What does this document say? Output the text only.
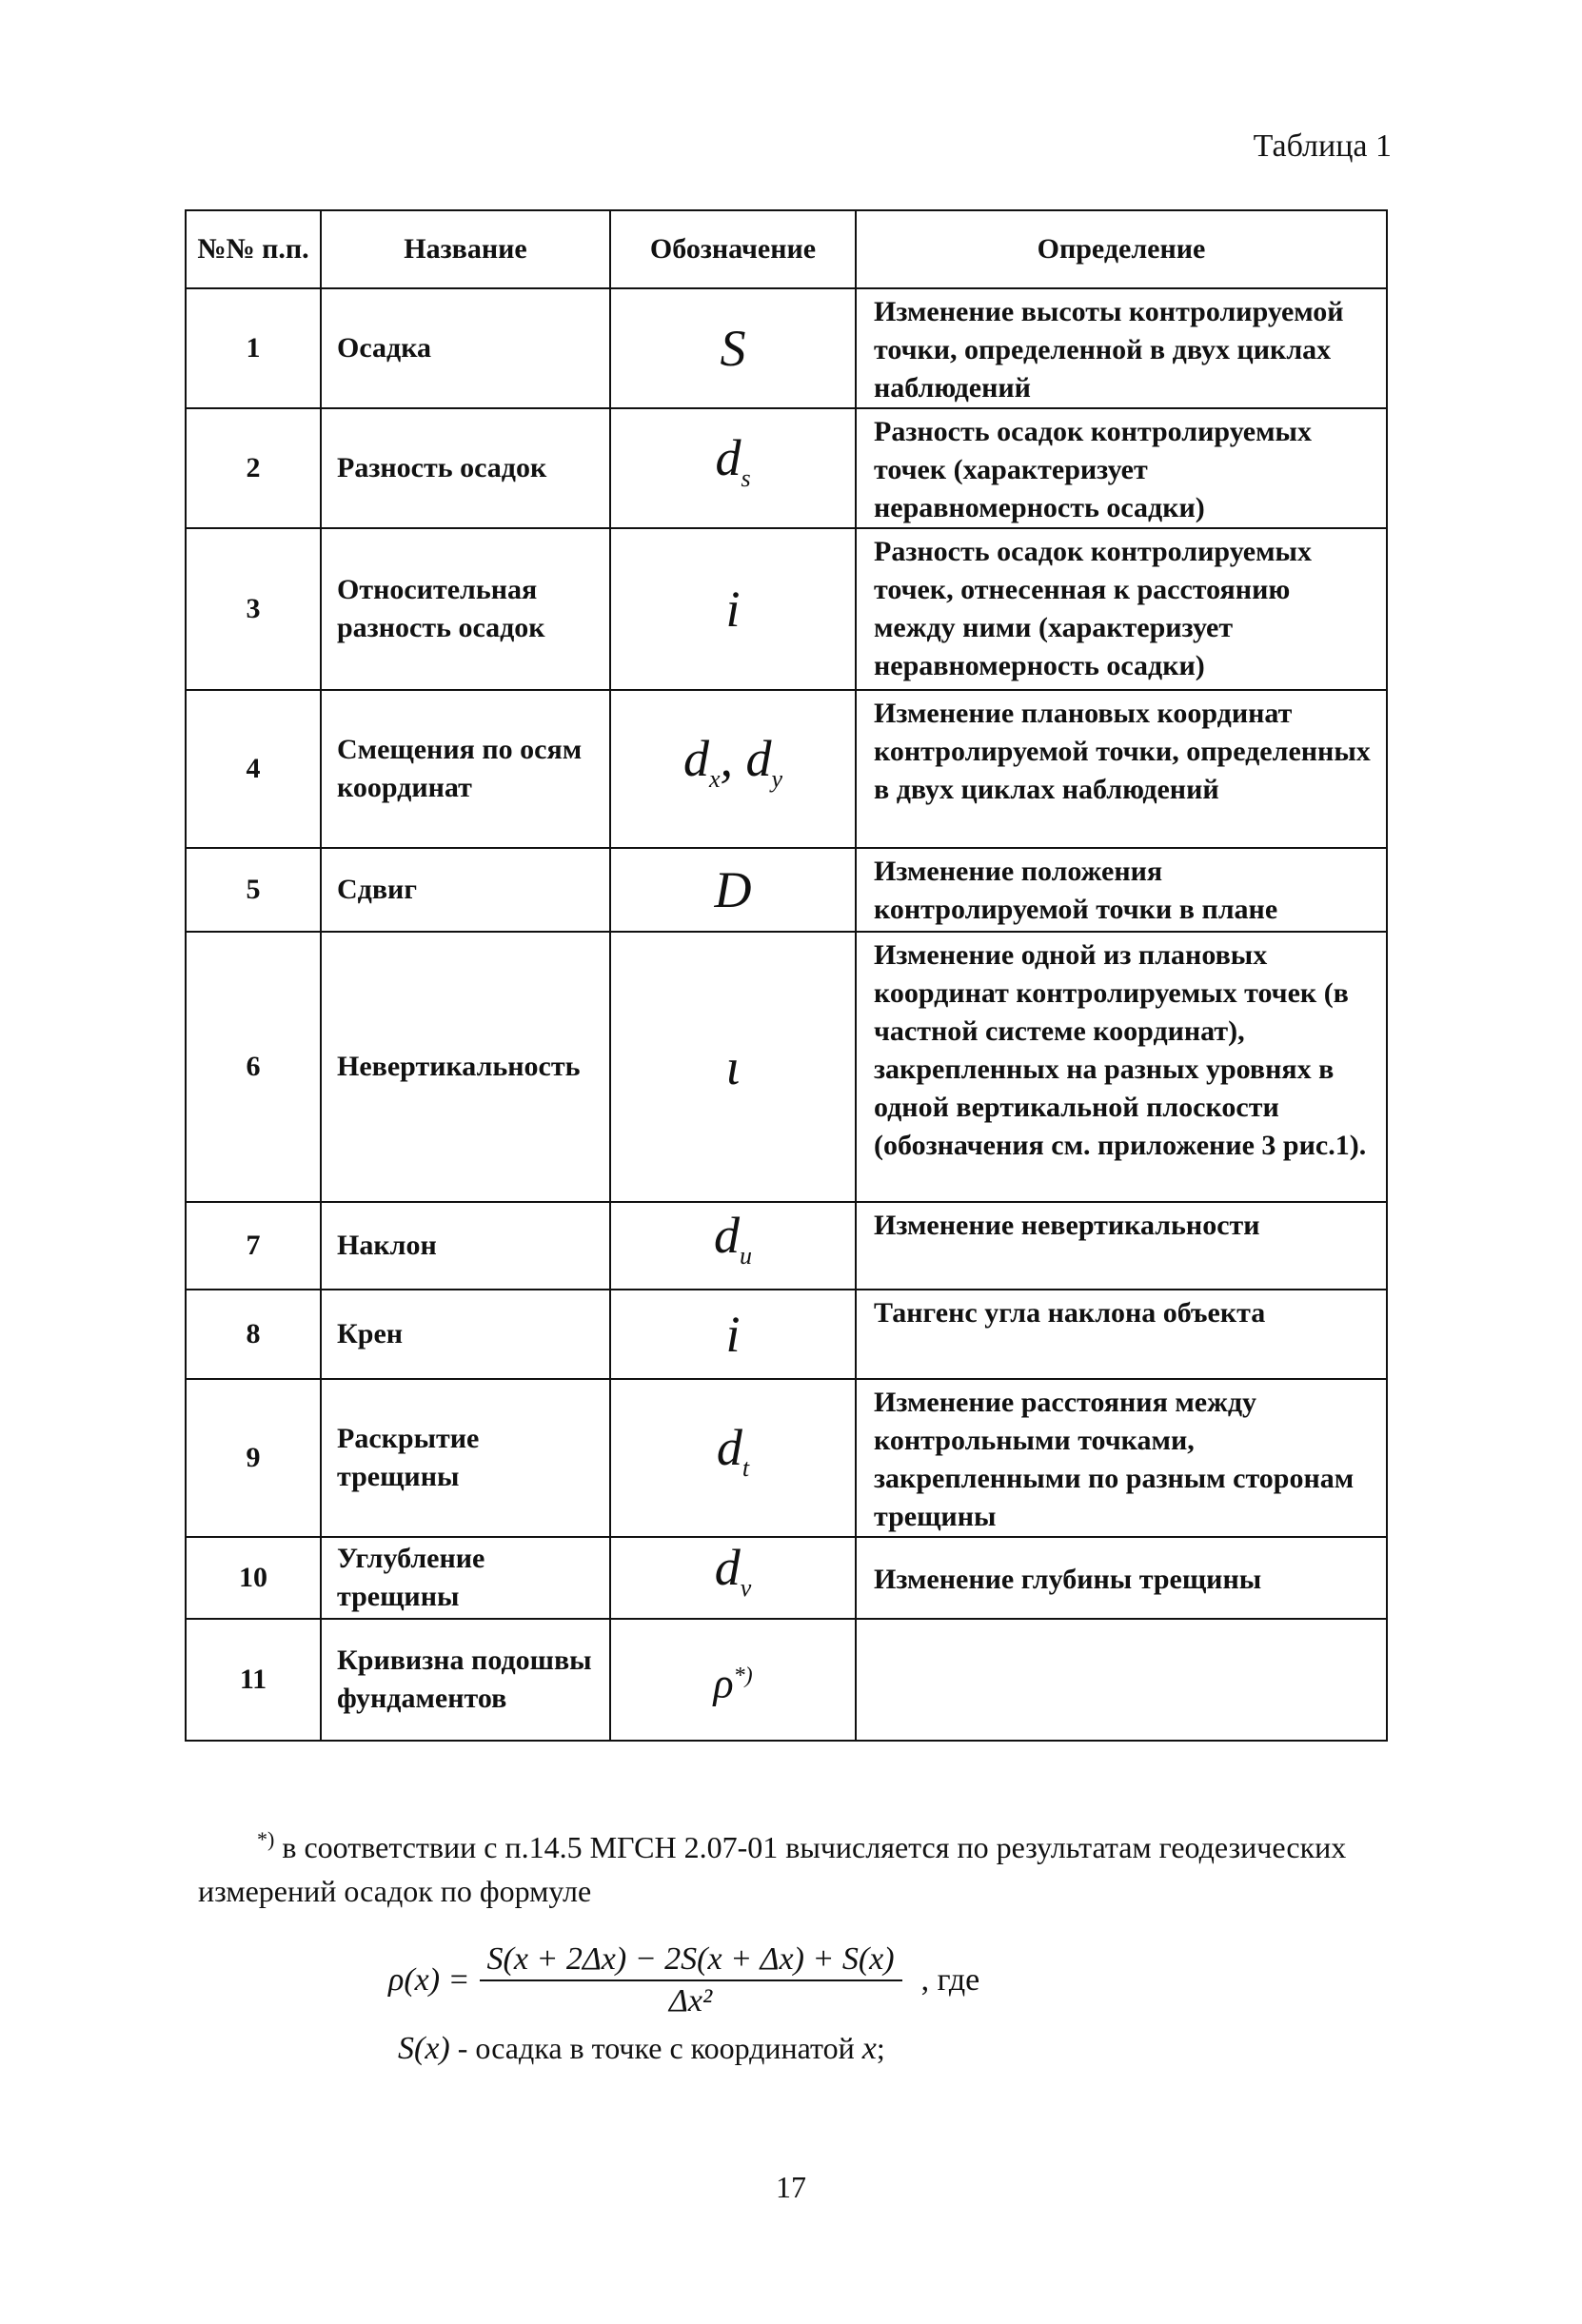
Таблица 1
№№ п.п.	Название	Обозначение	Определение
1	Осадка	S	Изменение высоты контролируемой точки, определенной в двух циклах наблюдений
2	Разность осадок	$d_s$	Разность осадок контролируемых точек (характеризует неравномерность осадки)
3	Относительная разность осадок	i	Разность осадок контролируемых точек, отнесенная к расстоянию между ними (характеризует неравномерность осадки)
4	Смещения по осям координат	$d_x$, $d_y$	Изменение плановых координат контролируемой точки, определенных в двух циклах наблюдений
5	Сдвиг	D	Изменение положения контролируемой точки в плане
6	Невертикальность	ι	Изменение одной из плановых координат контролируемых точек (в частной системе координат), закрепленных на разных уровнях в одной вертикальной плоскости (обозначения см. приложение 3 рис.1).
7	Наклон	$d_u$	Изменение невертикальности
8	Крен	i	Тангенс угла наклона объекта
9	Раскрытие трещины	$d_t$	Изменение расстояния между контрольными точками, закрепленными по разным сторонам трещины
10	Углубление трещины	$d_v$	Изменение глубины трещины
11	Кривизна подошвы фундаментов	ρ*)	
*) в соответствии с п.14.5 МГСН 2.07-01 вычисляется по результатам геодезических измерений осадок по формуле
$\rho(x) = \frac{S(x + 2\Delta x) - 2S(x + \Delta x) + S(x)}{\text{Δx²}}$ , где
S(x) - осадка в точке с координатой x;
17
